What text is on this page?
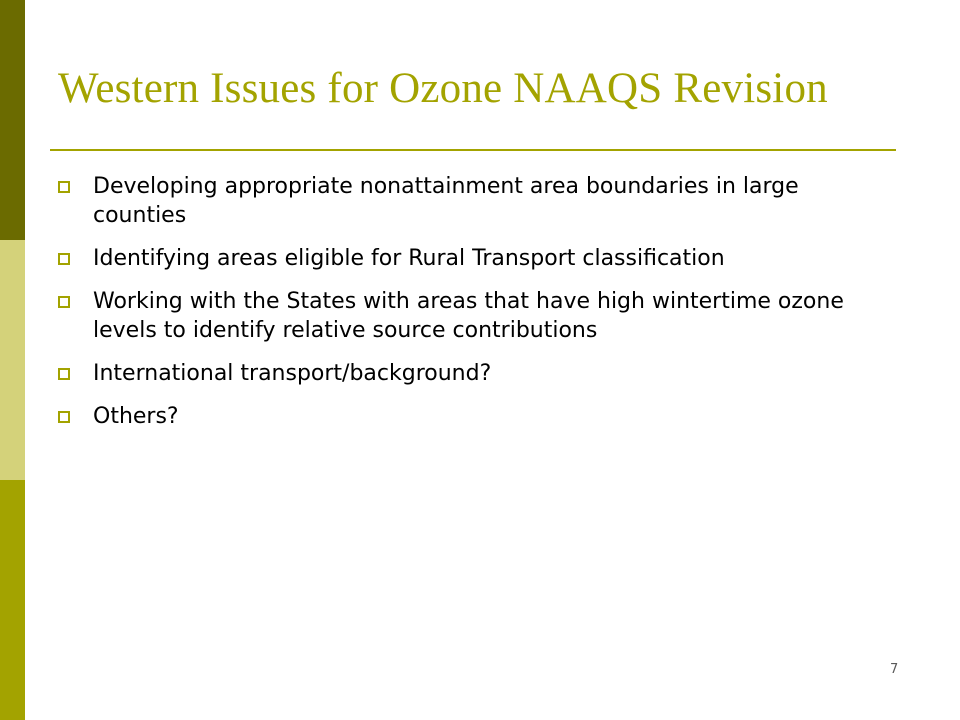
Western Issues for Ozone NAAQS Revision
Developing appropriate nonattainment area boundaries in large counties
Identifying areas eligible for Rural Transport classification
Working with the States with areas that have high wintertime ozone levels to identify relative source contributions
International transport/background?
Others?
7
